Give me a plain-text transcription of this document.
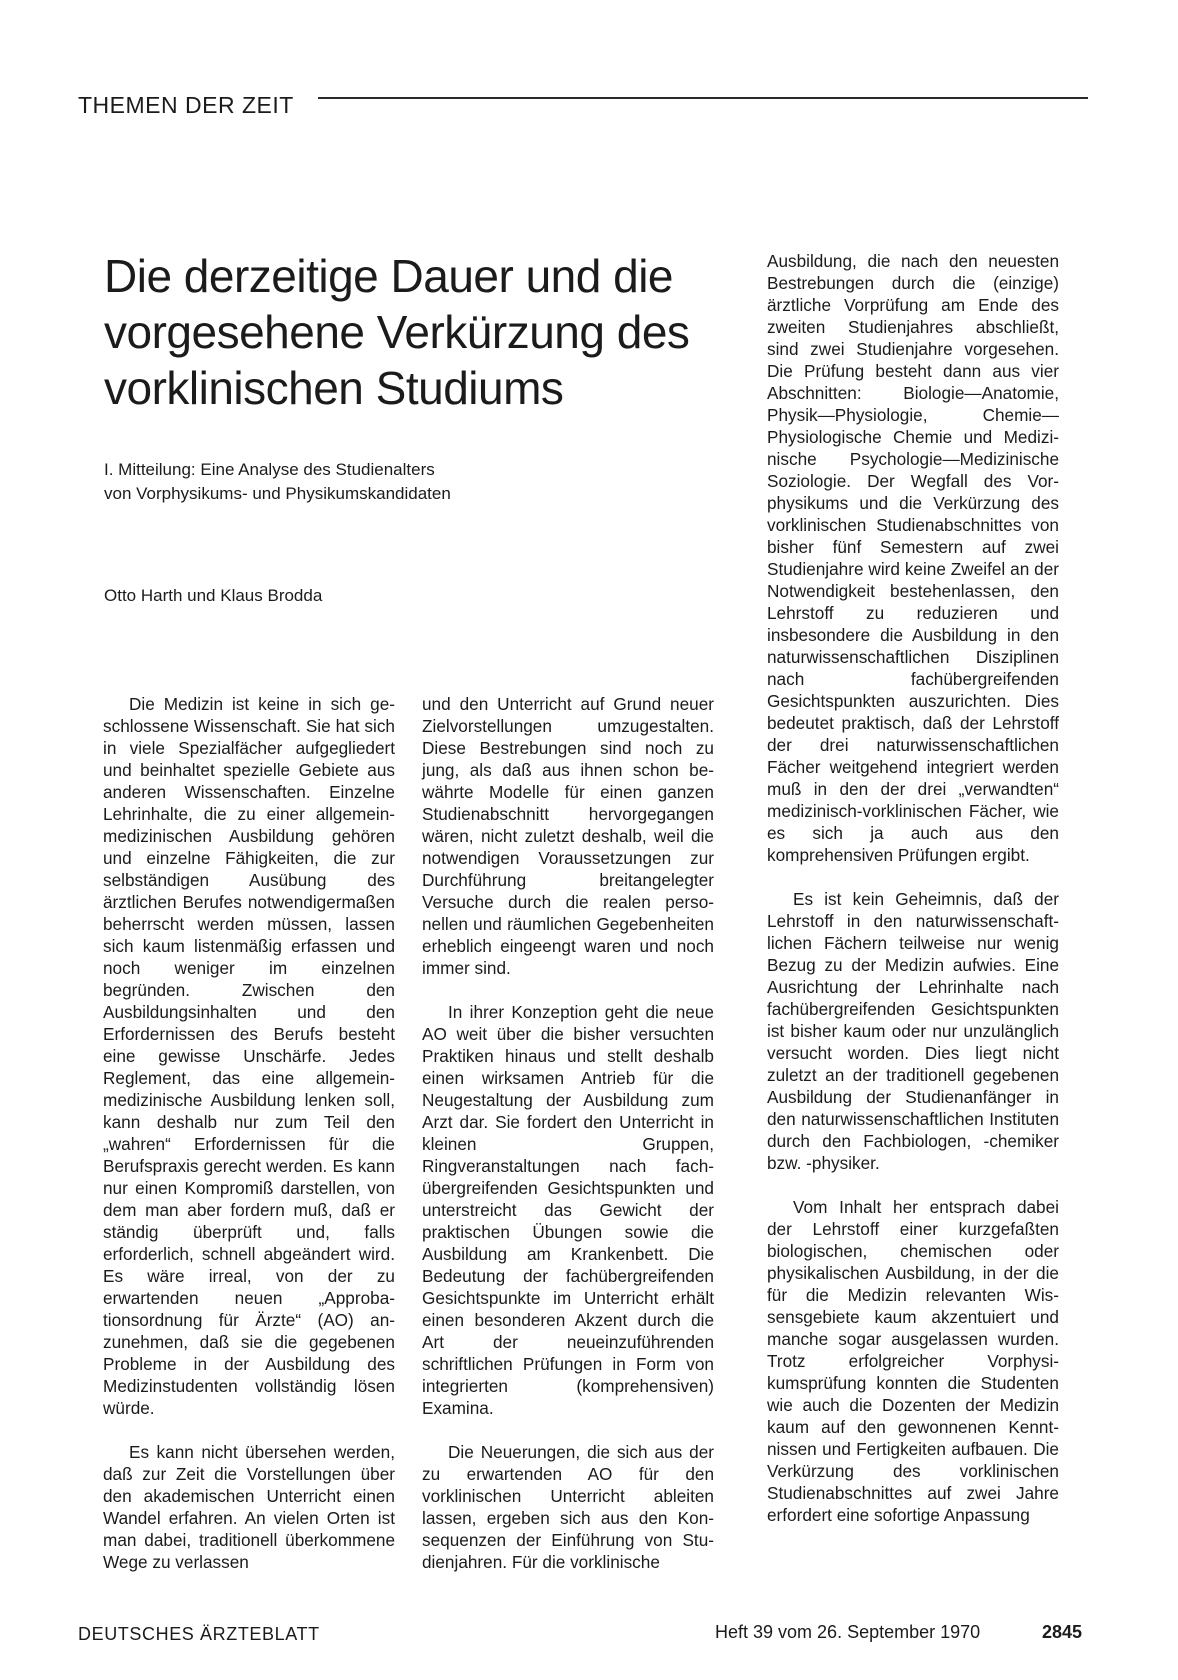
THEMEN DER ZEIT
Die derzeitige Dauer und die vorgesehene Verkürzung des vorklinischen Studiums
I. Mitteilung: Eine Analyse des Studienalters
von Vorphysikums- und Physikumskandidaten
Otto Harth und Klaus Brodda

Die Medizin ist keine in sich geschlossene Wissenschaft. Sie hat sich in viele Spezialfächer aufgegliedert und beinhaltet spezielle Gebiete aus anderen Wissenschaften. Einzelne Lehrinhalte, die zu einer allgemein-medizinischen Ausbildung gehören und einzelne Fähigkeiten, die zur selbständigen Ausübung des ärztlichen Berufes notwendigermaßen beherrscht werden müssen, lassen sich kaum listenmäßig erfassen und noch weniger im einzelnen begründen. Zwischen den Ausbildungsinhalten und den Erfordernissen des Berufs besteht eine gewisse Unschärfe. Jedes Reglement, das eine allgemeinmedizinische Ausbildung lenken soll, kann deshalb nur zum Teil den „wahren“ Erfordernissen für die Berufspraxis gerecht werden. Es kann nur einen Kompromiß darstellen, von dem man aber fordern muß, daß er ständig überprüft und, falls erforderlich, schnell abgeändert wird. Es wäre irreal, von der zu erwartenden neuen „Approbationsordnung für Ärzte“ (AO) anzunehmen, daß sie die gegebenen Probleme in der Ausbildung des Medizinstudenten vollständig lösen würde.

Es kann nicht übersehen werden, daß zur Zeit die Vorstellungen über den akademischen Unterricht einen Wandel erfahren. An vielen Orten ist man dabei, traditionell überkommene Wege zu verlassen

und den Unterricht auf Grund neuer Zielvorstellungen umzugestalten. Diese Bestrebungen sind noch zu jung, als daß aus ihnen schon bewährte Modelle für einen ganzen Studienabschnitt hervorgegangen wären, nicht zuletzt deshalb, weil die notwendigen Voraussetzungen zur Durchführung breitangelegter Versuche durch die realen personellen und räumlichen Gegebenheiten erheblich eingeengt waren und noch immer sind.

In ihrer Konzeption geht die neue AO weit über die bisher versuchten Praktiken hinaus und stellt deshalb einen wirksamen Antrieb für die Neugestaltung der Ausbildung zum Arzt dar. Sie fordert den Unterricht in kleinen Gruppen, Ringveranstaltungen nach fachübergreifenden Gesichtspunkten und unterstreicht das Gewicht der praktischen Übungen sowie die Ausbildung am Krankenbett. Die Bedeutung der fachübergreifenden Gesichtspunkte im Unterricht erhält einen besonderen Akzent durch die Art der neueinzuführenden schriftlichen Prüfungen in Form von integrierten (komprehensiven) Examina.

Die Neuerungen, die sich aus der zu erwartenden AO für den vorklinischen Unterricht ableiten lassen, ergeben sich aus den Konsequenzen der Einführung von Studienjahren. Für die vorklinische

Ausbildung, die nach den neuesten Bestrebungen durch die (einzige) ärztliche Vorprüfung am Ende des zweiten Studienjahres abschließt, sind zwei Studienjahre vorgesehen. Die Prüfung besteht dann aus vier Abschnitten: Biologie—Anatomie, Physik—Physiologie, Chemie—Physiologische Chemie und Medizinische Psychologie—Medizinische Soziologie. Der Wegfall des Vorphysikums und die Verkürzung des vorklinischen Studienabschnittes von bisher fünf Semestern auf zwei Studienjahre wird keine Zweifel an der Notwendigkeit bestehenlassen, den Lehrstoff zu reduzieren und insbesondere die Ausbildung in den naturwissenschaftlichen Disziplinen nach fachübergreifenden Gesichtspunkten auszurichten. Dies bedeutet praktisch, daß der Lehrstoff der drei naturwissenschaftlichen Fächer weitgehend integriert werden muß in den der drei „verwandten“ medizinisch-vorklinischen Fächer, wie es sich ja auch aus den komprehensiven Prüfungen ergibt.

Es ist kein Geheimnis, daß der Lehrstoff in den naturwissenschaftlichen Fächern teilweise nur wenig Bezug zu der Medizin aufwies. Eine Ausrichtung der Lehrinhalte nach fachübergreifenden Gesichtspunkten ist bisher kaum oder nur unzulänglich versucht worden. Dies liegt nicht zuletzt an der traditionell gegebenen Ausbildung der Studienanfänger in den naturwissenschaftlichen Instituten durch den Fachbiologen, -chemiker bzw. -physiker.

Vom Inhalt her entsprach dabei der Lehrstoff einer kurzgefaßten biologischen, chemischen oder physikalischen Ausbildung, in der die für die Medizin relevanten Wissensgebiete kaum akzentuiert und manche sogar ausgelassen wurden. Trotz erfolgreicher Vorphysikumsprüfung konnten die Studenten wie auch die Dozenten der Medizin kaum auf den gewonnenen Kenntnissen und Fertigkeiten aufbauen. Die Verkürzung des vorklinischen Studienabschnittes auf zwei Jahre erfordert eine sofortige Anpassung

DEUTSCHES ÄRZTEBLATT	Heft 39 vom 26. September 1970	2845
